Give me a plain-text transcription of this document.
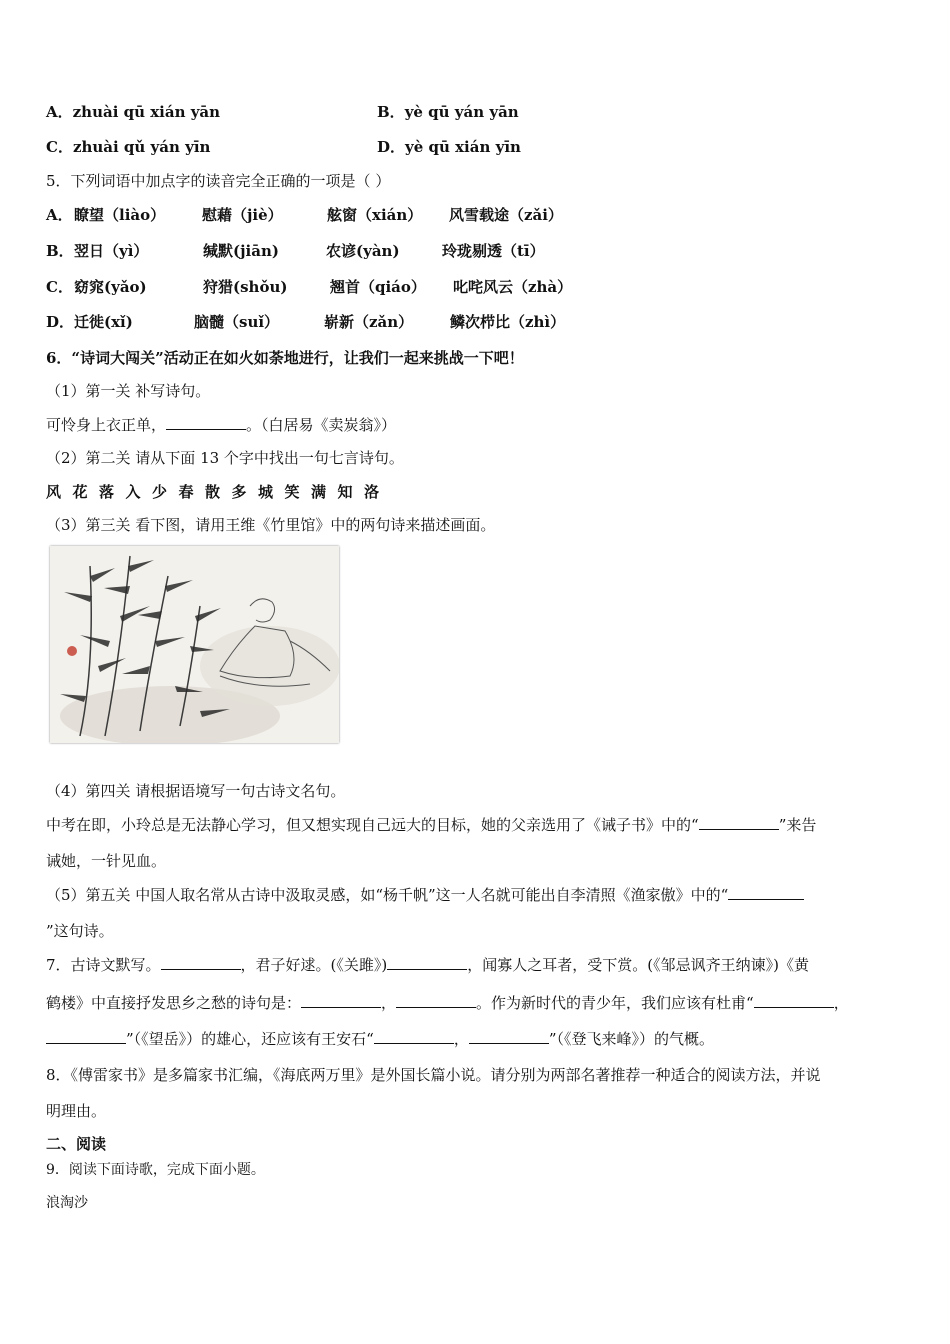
A．zhuài qū xián yān	B．yè qū yán yān
C．zhuài qǔ yán yīn	D．yè qū xián yīn
5．下列词语中加点字的读音完全正确的一项是（ ）
A．瞭望（liào） 慰藉（jiè）	舷窗（xián） 风雪载途（zǎi）
B．翌日（yì）	缄默(jiān)	农谚(yàn)	玲珑剔透（tī）
C．窈窕(yǎo)	狩猎(shǒu)	翘首（qiáo） 叱咤风云（zhà）
D．迁徙(xǐ)	脑髓（suǐ）	崭新（zǎn） 鳞次栉比（zhì）
6．“诗词大闯关”活动正在如火如荼地进行，让我们一起来挑战一下吧！
（1）第一关 补写诗句。
可怜身上衣正单，	。（白居易《卖炭翁》）
（2）第二关 请从下面 13 个字中找出一句七言诗句。
风 花 落 入 少 春 散 多 城 笑 满 知 洛
（3）第三关 看下图，请用王维《竹里馆》中的两句诗来描述画面。
（4）第四关 请根据语境写一句古诗文名句。
中考在即，小玲总是无法静心学习，但又想实现自己远大的目标，她的父亲选用了《诫子书》中的“	”来告
诫她，一针见血。
（5）第五关 中国人取名常从古诗中汲取灵感，如“杨千帆”这一人名就可能出自李清照《渔家傲》中的“
”这句诗。
7．古诗文默写。	，君子好逑。(《关雎》)	，闻寡人之耳者，受下赏。(《邹忌讽齐王纳谏》)《黄
鹤楼》中直接抒发思乡之愁的诗句是：	，	。作为新时代的青少年，我们应该有杜甫“	，
”（《望岳》）的雄心，还应该有王安石“	，	”（《登飞来峰》）的气概。
8．《傅雷家书》是多篇家书汇编，《海底两万里》是外国长篇小说。请分别为两部名著推荐一种适合的阅读方法，并说
明理由。
二、阅读
9．阅读下面诗歌，完成下面小题。
浪淘沙
